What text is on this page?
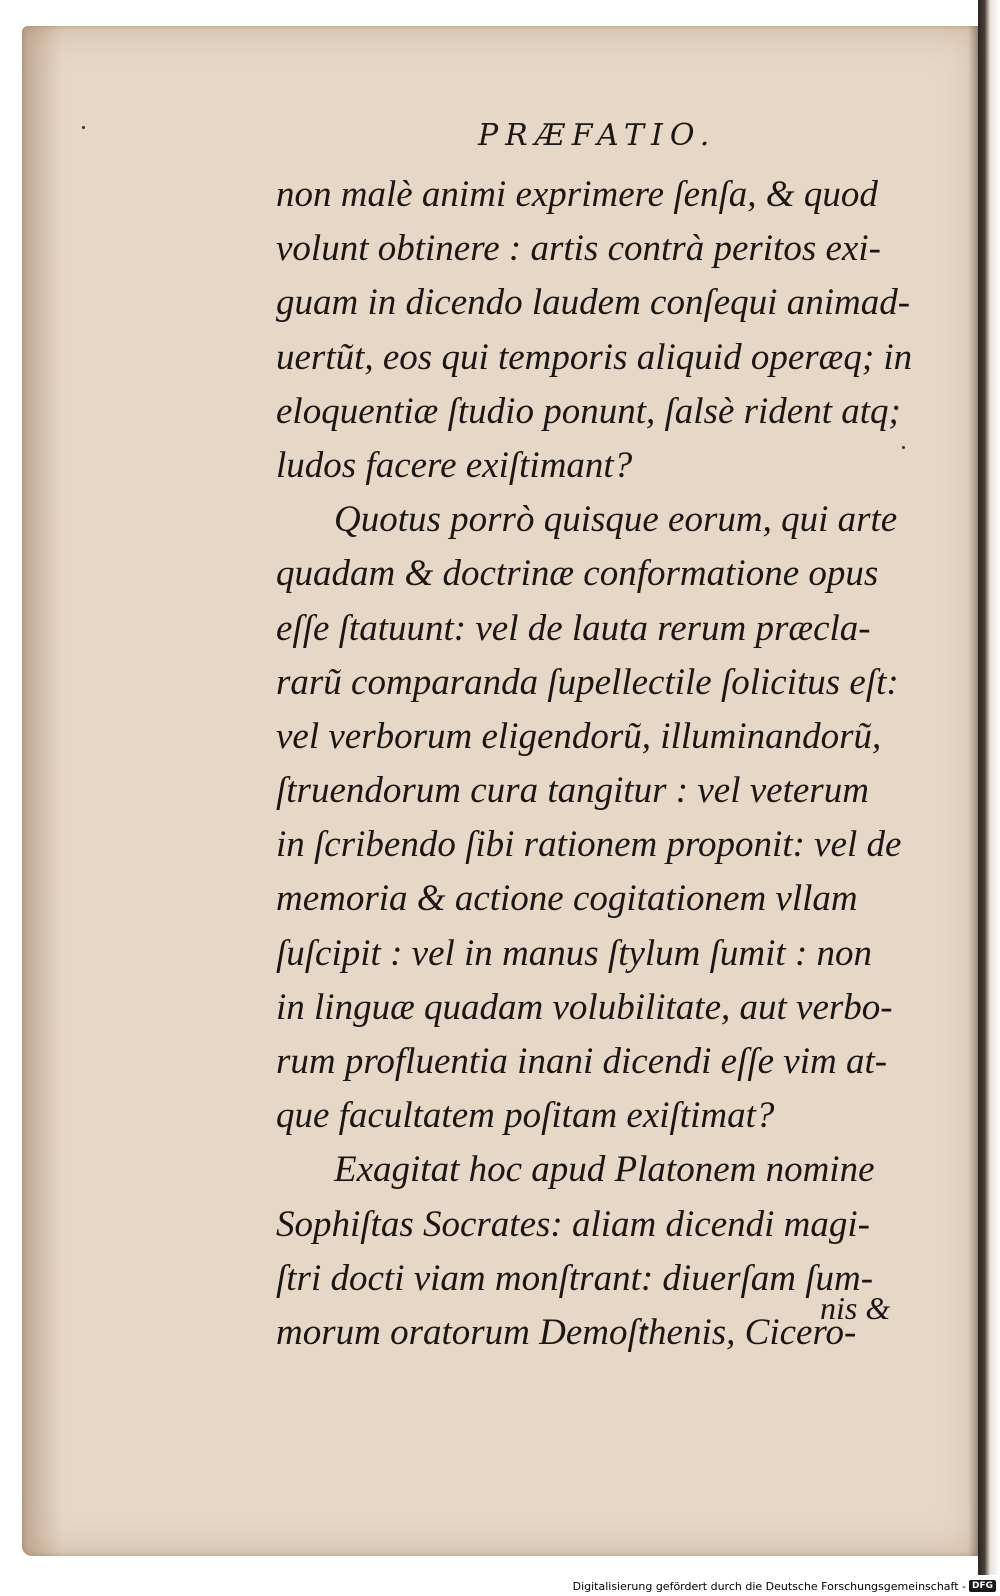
PRÆFATIO.
non malè animi exprimere ſenſa, & quod
volunt obtinere : artis contrà peritos exi-
guam in dicendo laudem conſequi animad-
uertũt, eos qui temporis aliquid operæq; in
eloquentiæ ſtudio ponunt, ſalsè rident atq;
ludos facere exiſtimant?
Quotus porrò quisque eorum, qui arte
quadam & doctrinæ conformatione opus
eſſe ſtatuunt: vel de lauta rerum præcla-
rarũ comparanda ſupellectile ſolicitus eſt:
vel verborum eligendorũ, illuminandorũ,
ſtruendorum cura tangitur : vel veterum
in ſcribendo ſibi rationem proponit: vel de
memoria & actione cogitationem vllam
ſuſcipit : vel in manus ſtylum ſumit : non
in linguæ quadam volubilitate, aut verbo-
rum profluentia inani dicendi eſſe vim at-
que facultatem poſitam exiſtimat?
Exagitat hoc apud Platonem nomine
Sophiſtas Socrates: aliam dicendi magi-
ſtri docti viam monſtrant: diuerſam ſum-
morum oratorum Demoſthenis, Cicero-
nis &
Digitalisierung gefördert durch die Deutsche Forschungsgemeinschaft - DFG
